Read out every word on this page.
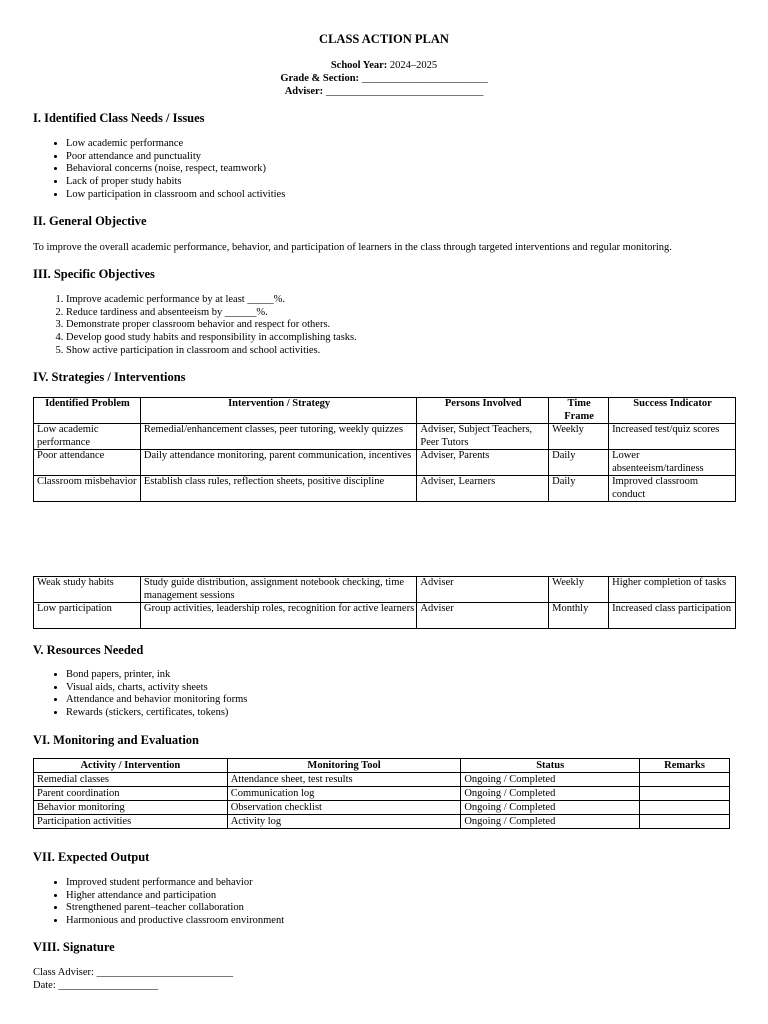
CLASS ACTION PLAN
School Year: 2024–2025
Grade & Section: ________________________
Adviser: ______________________________
I. Identified Class Needs / Issues
• Low academic performance
• Poor attendance and punctuality
• Behavioral concerns (noise, respect, teamwork)
• Lack of proper study habits
• Low participation in classroom and school activities
II. General Objective
To improve the overall academic performance, behavior, and participation of learners in the class through targeted interventions and regular monitoring.
III. Specific Objectives
1. Improve academic performance by at least _____%.
2. Reduce tardiness and absenteeism by ______%.
3. Demonstrate proper classroom behavior and respect for others.
4. Develop good study habits and responsibility in accomplishing tasks.
5. Show active participation in classroom and school activities.
IV. Strategies / Interventions
Identified Problem	Intervention / Strategy	Persons Involved	Time Frame	Success Indicator
Low academic performance	Remedial/enhancement classes, peer tutoring, weekly quizzes	Adviser, Subject Teachers, Peer Tutors	Weekly	Increased test/quiz scores
Poor attendance	Daily attendance monitoring, parent communication, incentives	Adviser, Parents	Daily	Lower absenteeism/tardiness
Classroom misbehavior	Establish class rules, reflection sheets, positive discipline	Adviser, Learners	Daily	Improved classroom conduct
Weak study habits	Study guide distribution, assignment notebook checking, time management sessions	Adviser	Weekly	Higher completion of tasks
Low participation	Group activities, leadership roles, recognition for active learners	Adviser	Monthly	Increased class participation
V. Resources Needed
• Bond papers, printer, ink
• Visual aids, charts, activity sheets
• Attendance and behavior monitoring forms
• Rewards (stickers, certificates, tokens)
VI. Monitoring and Evaluation
Activity / Intervention	Monitoring Tool	Status	Remarks
Remedial classes	Attendance sheet, test results	Ongoing / Completed	
Parent coordination	Communication log	Ongoing / Completed	
Behavior monitoring	Observation checklist	Ongoing / Completed	
Participation activities	Activity log	Ongoing / Completed	
VII. Expected Output
• Improved student performance and behavior
• Higher attendance and participation
• Strengthened parent–teacher collaboration
• Harmonious and productive classroom environment
VIII. Signature
Class Adviser: __________________________
Date: ___________________
